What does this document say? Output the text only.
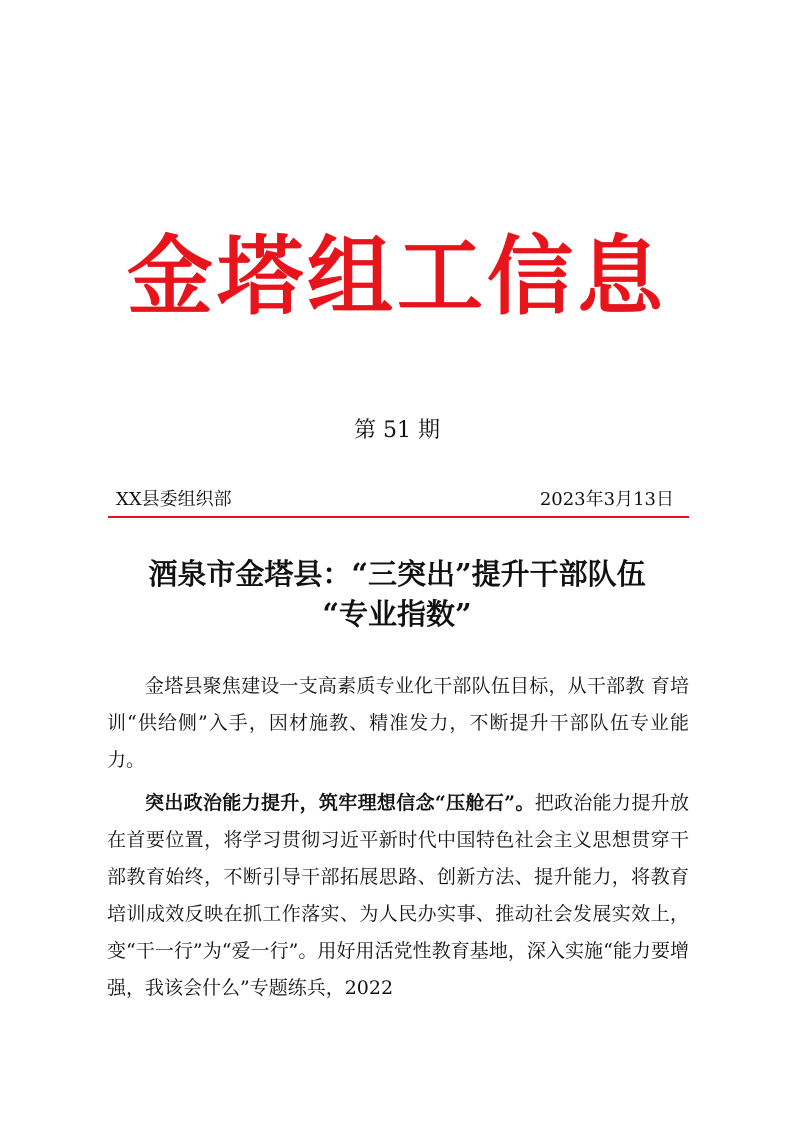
金塔组工信息
第 51 期
XX县委组织部	2023年3月13日
酒泉市金塔县：“三突出”提升干部队伍
“专业指数”

金塔县聚焦建设一支高素质专业化干部队伍目标，从干部教 育培训“供给侧”入手，因材施教、精准发力，不断提升干部队伍专业能力。

突出政治能力提升，筑牢理想信念“压舱石”。把政治能力提升放在首要位置，将学习贯彻习近平新时代中国特色社会主义思想贯穿干部教育始终，不断引导干部拓展思路、创新方法、提升能力，将教育培训成效反映在抓工作落实、为人民办实事、推动社会发展实效上，变“干一行”为“爱一行”。用好用活党性教育基地，深入实施“能力要增强，我该会什么”专题练兵，2022
